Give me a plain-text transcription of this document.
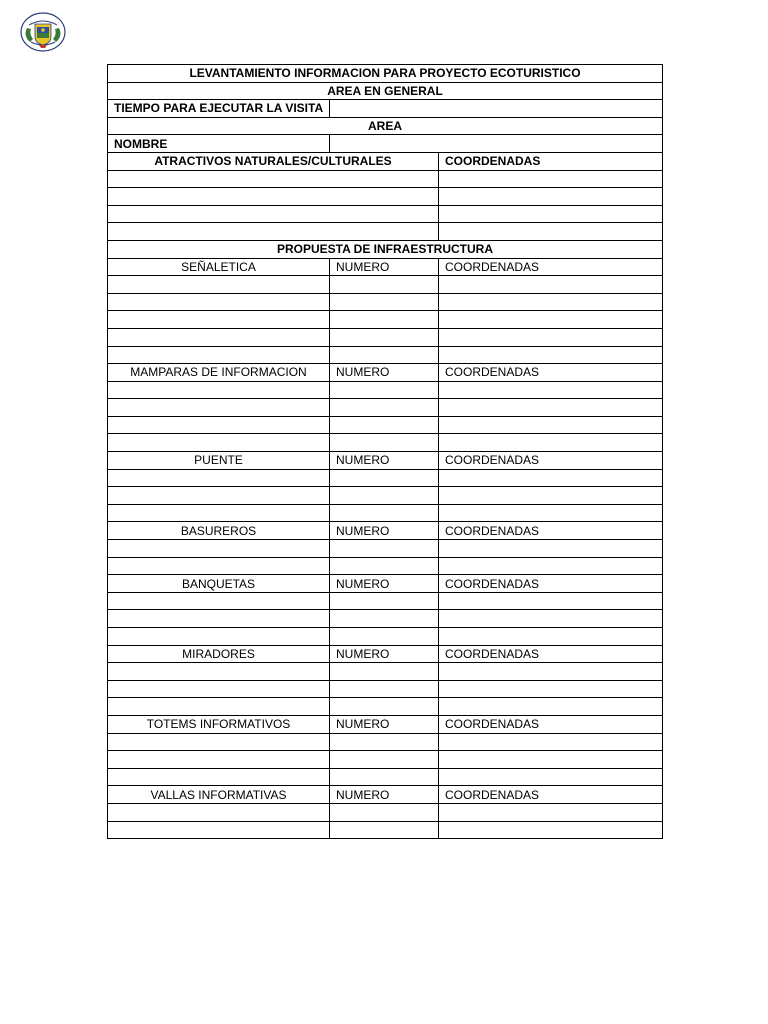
LEVANTAMIENTO INFORMACION PARA PROYECTO ECOTURISTICO		
AREA EN GENERAL		
TIEMPO PARA EJECUTAR LA VISITA		
AREA		
NOMBRE		
ATRACTIVOS NATURALES/CULTURALES		COORDENADAS

PROPUESTA DE INFRAESTRUCTURA		
SEÑALETICA	NUMERO	COORDENADAS

MAMPARAS DE INFORMACION	NUMERO	COORDENADAS

PUENTE	NUMERO	COORDENADAS

BASUREROS	NUMERO	COORDENADAS

BANQUETAS	NUMERO	COORDENADAS

MIRADORES	NUMERO	COORDENADAS

TOTEMS INFORMATIVOS	NUMERO	COORDENADAS

VALLAS INFORMATIVAS	NUMERO	COORDENADAS
